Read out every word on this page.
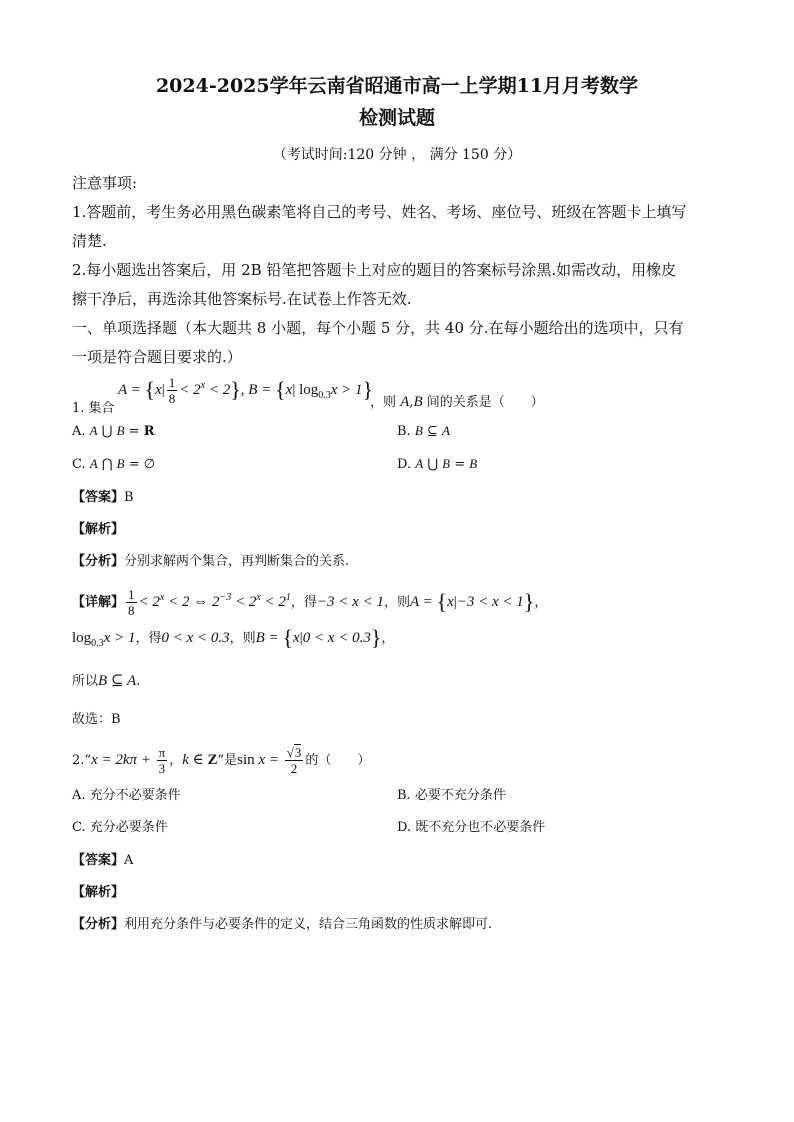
2024-2025学年云南省昭通市高一上学期11月月考数学
检测试题
（考试时间:120 分钟 ， 满分 150 分）

注意事项:

1.答题前，考生务必用黑色碳素笔将自己的考号、姓名、考场、座位号、班级在答题卡上填写

清楚.

2.每小题选出答案后，用 2B 铅笔把答题卡上对应的题目的答案标号涂黑.如需改动，用橡皮

擦干净后，再选涂其他答案标号.在试卷上作答无效.

一、单项选择题（本大题共 8 小题，每个小题 5 分，共 40 分.在每小题给出的选项中，只有

一项是符合题目要求的.）

1. 集合
$A = \{x| \frac{1}{8} < 2^x < 2\}$, B = {x| $\log_{0.3}x > 1$}
，则 A,B 间的关系是（　　）
A. A ⋃ B = R	B. B ⊆ A
C. A ⋂ B = ∅	D. A ⋃ B = B

【答案】B

【解析】

【分析】分别求解两个集合，再判断集合的关系.

【详解】 $\frac{1}{8} < 2^x < 2$ ⇔ $2^{-3} < 2^x < 2^1$，得−3 < x < 1，则A = {x|−3 < x < 1}，

$\log_{0.3}x > 1$，得0 < x < 0.3，则B = {x|0 < x < 0.3}，

所以B ⊆ A.

故选：B

2.“x = $2k\pi + \frac{\pi}{3}$ ，k ∈ Z”是$\sin x = \frac{√3}{2}$ 的（　　）

A. 充分不必要条件	B. 必要不充分条件
C. 充分必要条件	D. 既不充分也不必要条件

【答案】A

【解析】

【分析】利用充分条件与必要条件的定义，结合三角函数的性质求解即可.
